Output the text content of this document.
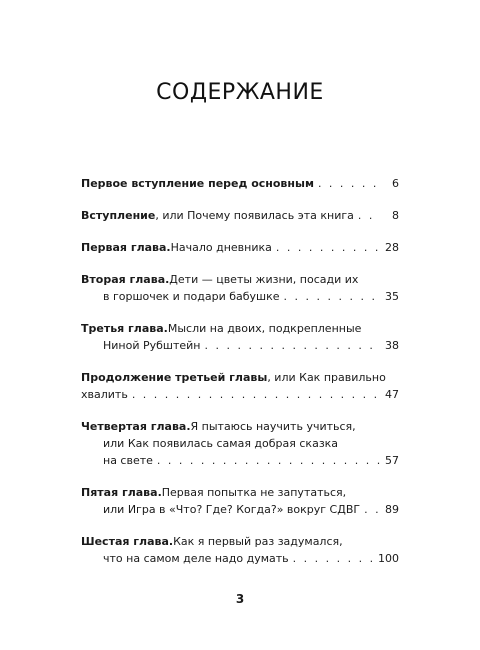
СОДЕРЖАНИЕ
Первое вступление перед основным . . .	6
Вступление , или Почему появилась эта книга . . .	8
Первая глава. Начало дневника . . .	28
Вторая глава. Дети — цветы жизни, посади их
в горшочек и подари бабушке . . .	35
Третья глава. Мысли на двоих, подкрепленные
Ниной Рубштейн . . .	38
Продолжение третьей главы , или Как правильно
хвалить . . .	47
Четвертая глава. Я пытаюсь научить учиться,
или Как появилась самая добрая сказка
на свете . . .	57
Пятая глава. Первая попытка не запутаться,
или Игра в «Что? Где? Когда?» вокруг СДВГ . . . 89
Шестая глава. Как я первый раз задумался,
что на самом деле надо думать . . .	100
3
